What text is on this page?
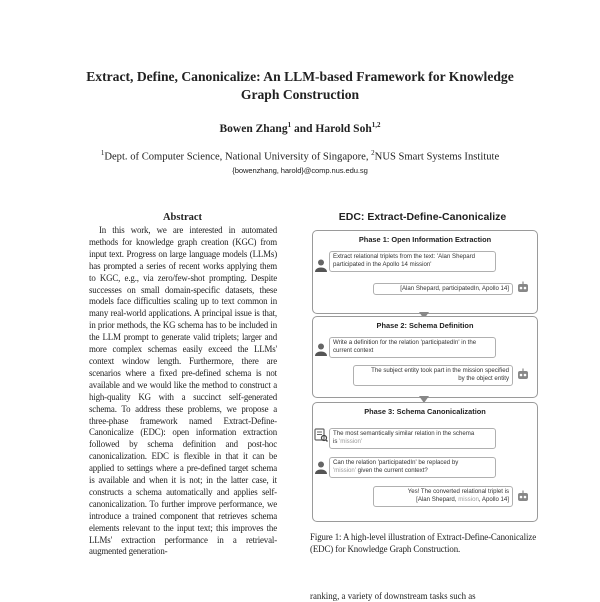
Extract, Define, Canonicalize: An LLM-based Framework for Knowledge
Graph Construction
Bowen Zhang$^1$ and Harold Soh$^{1,2}$
$^1$Dept. of Computer Science, National University of Singapore, $^2$NUS Smart Systems Institute
{bowenzhang, harold}@comp.nus.edu.sg
Abstract
In this work, we are interested in automated methods for knowledge graph creation (KGC) from input text. Progress on large language models (LLMs) has prompted a series of recent works applying them to KGC, e.g., via zero/few-shot prompting. Despite successes on small domain-specific datasets, these models face difficulties scaling up to text common in many real-world applications. A principal issue is that, in prior methods, the KG schema has to be included in the LLM prompt to generate valid triplets; larger and more complex schemas easily exceed the LLMs' context window length. Furthermore, there are scenarios where a fixed pre-defined schema is not available and we would like the method to construct a high-quality KG with a succinct self-generated schema. To address these problems, we propose a three-phase framework named Extract-Define-Canonicalize (EDC): open information extraction followed by schema definition and post-hoc canonicalization. EDC is flexible in that it can be applied to settings where a pre-defined target schema is available and when it is not; in the latter case, it constructs a schema automatically and applies self-canonicalization. To further improve performance, we introduce a trained component that retrieves schema elements relevant to the input text; this improves the LLMs' extraction performance in a retrieval-augmented generation-
EDC: Extract-Define-Canonicalize
Phase 1: Open Information Extraction
Extract relational triplets from the text: 'Alan Shepard
participated in the Apollo 14 mission'
[Alan Shepard, participatedIn, Apollo 14]
Phase 2: Schema Definition
Write a definition for the relation 'participatedIn' in the
current context
The subject entity took part in the mission specified
by the object entity
Phase 3: Schema Canonicalization
The most semantically similar relation in the schema
is 'mission'
Can the relation 'participatedIn' be replaced by
'mission' given the current context?
Yes! The converted relational triplet is
[Alan Shepard, mission, Apollo 14]
Figure 1: A high-level illustration of Extract-Define-Canonicalize (EDC) for Knowledge Graph Construction.
ranking, a variety of downstream tasks such as
